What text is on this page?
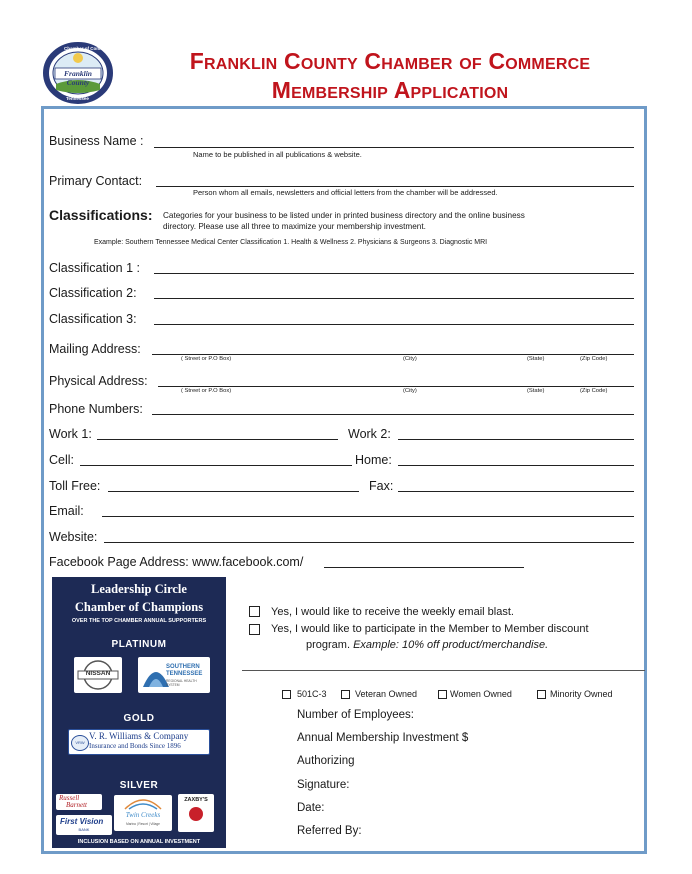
Chamber of Commerce
Franklin County
Tennessee
Franklin County Chamber of Commerce
Membership Application
Business Name :
Name to be published in all publications & website.
Primary Contact:
Person whom all emails, newsletters and official letters from the chamber will be addressed.
Classifications: Categories for your business to be listed under in printed business directory and the online business
directory. Please use all three to maximize your membership investment.
Example: Southern Tennessee Medical Center Classification 1. Health & Wellness 2. Physicians & Surgeons 3. Diagnostic MRI
Classification 1 :
Classification 2:
Classification 3:
Mailing Address:
( Street or P.O Box)	(City)	(State)	(Zip Code)
Physical Address:
( Street or P.O Box)	(City)	(State)	(Zip Code)
Phone Numbers:
Work 1:	Work 2:
Cell:	Home:
Toll Free:	Fax:
Email:
Website:
Facebook Page Address: www.facebook.com/
Leadership Circle
Chamber of Champions
OVER THE TOP CHAMBER ANNUAL SUPPORTERS
PLATINUM
NISSAN
SOUTHERN
TENNESSEE
REGIONAL HEALTH SYSTEM
GOLD
VRW
V. R. Williams & Company
Insurance and Bonds Since 1896
SILVER
Russell
Barnett
First Vision
BANK
Twin Creeks
Marina | Resort | Village
ZAXBY'S
INCLUSION BASED ON ANNUAL INVESTMENT
Yes, I would like to receive the weekly email blast.
Yes, I would like to participate in the Member to Member discount
program. Example: 10% off product/merchandise.
501C-3	Veteran Owned	Women Owned	Minority Owned
Number of Employees:
Annual Membership Investment $
Authorizing
Signature:
Date:
Referred By:
